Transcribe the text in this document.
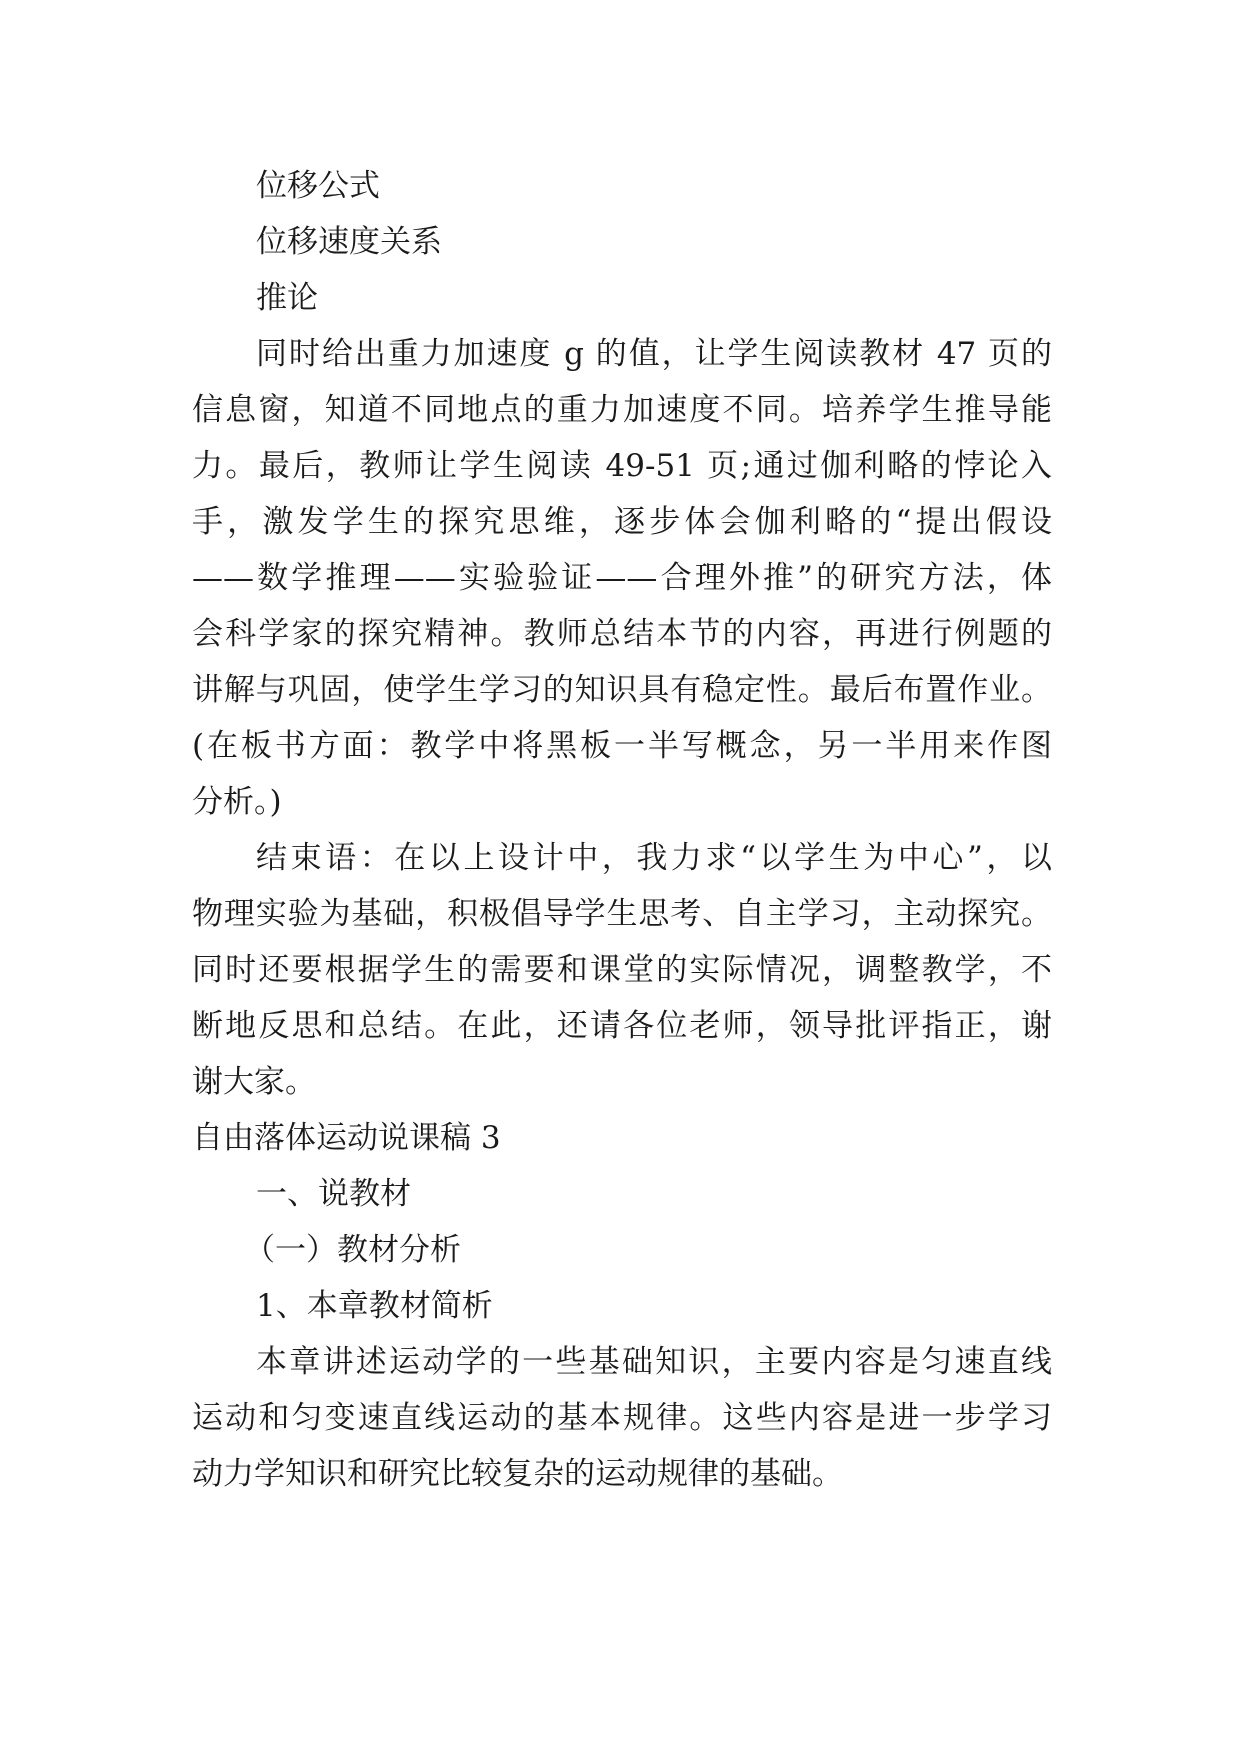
位移公式
位移速度关系
推论
同时给出重力加速度 g 的值，让学生阅读教材 47 页的
信息窗，知道不同地点的重力加速度不同。培养学生推导能
力。最后，教师让学生阅读 49-51 页;通过伽利略的悖论入
手，激发学生的探究思维，逐步体会伽利略的“提出假设
——数学推理——实验验证——合理外推”的研究方法，体
会科学家的探究精神。教师总结本节的内容，再进行例题的
讲解与巩固，使学生学习的知识具有稳定性。最后布置作业。
(在板书方面：教学中将黑板一半写概念，另一半用来作图
分析。)
结束语：在以上设计中，我力求“以学生为中心”，以
物理实验为基础，积极倡导学生思考、自主学习，主动探究。
同时还要根据学生的需要和课堂的实际情况，调整教学，不
断地反思和总结。在此，还请各位老师，领导批评指正，谢
谢大家。
自由落体运动说课稿 3
一、说教材
（一）教材分析
1、本章教材简析
本章讲述运动学的一些基础知识，主要内容是匀速直线
运动和匀变速直线运动的基本规律。这些内容是进一步学习
动力学知识和研究比较复杂的运动规律的基础。
